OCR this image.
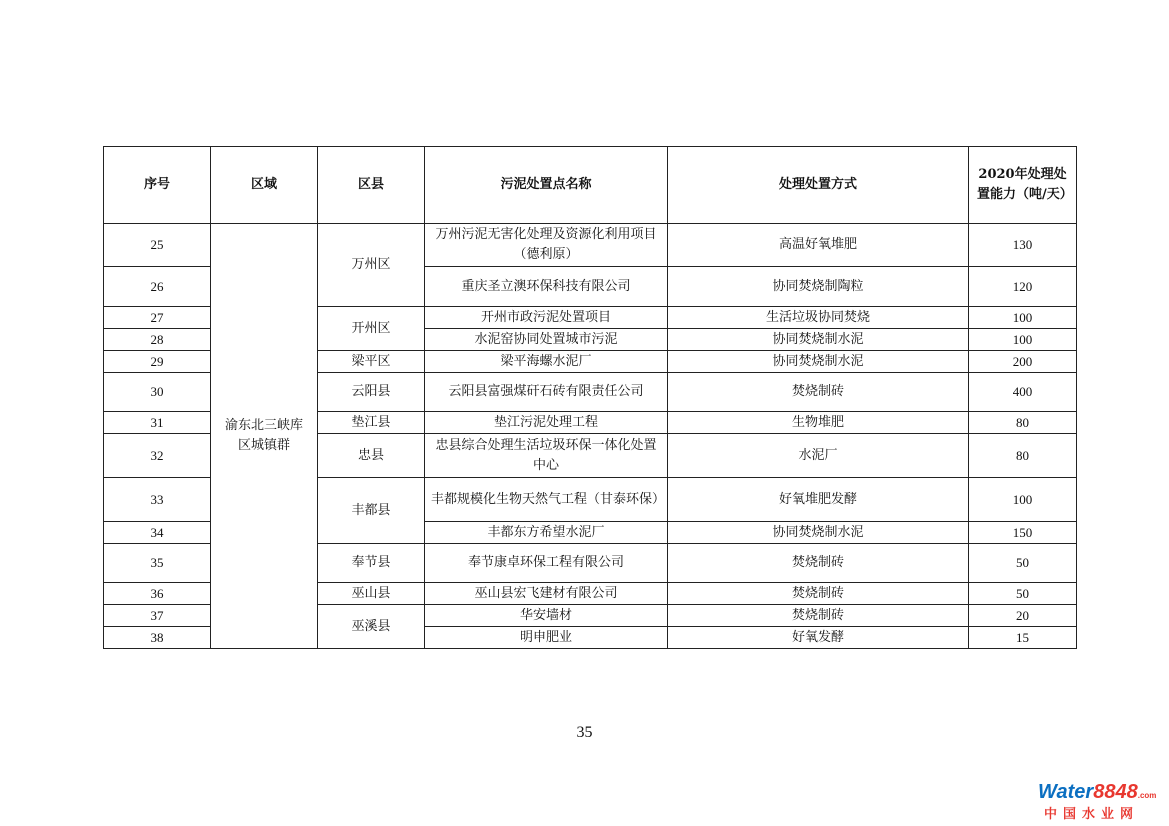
序号	区域	区县	污泥处置点名称	处理处置方式	2020年处理处置能力（吨/天）
25	渝东北三峡库区城镇群	万州区	万州污泥无害化处理及资源化利用项目（德利原）	高温好氧堆肥	130
26			重庆圣立澳环保科技有限公司	协同焚烧制陶粒	120
27		开州区	开州市政污泥处置项目	生活垃圾协同焚烧	100
28			水泥窑协同处置城市污泥	协同焚烧制水泥	100
29		梁平区	梁平海螺水泥厂	协同焚烧制水泥	200
30		云阳县	云阳县富强煤矸石砖有限责任公司	焚烧制砖	400
31		垫江县	垫江污泥处理工程	生物堆肥	80
32		忠县	忠县综合处理生活垃圾环保一体化处置中心	水泥厂	80
33		丰都县	丰都规模化生物天然气工程（甘泰环保）	好氧堆肥发酵	100
34			丰都东方希望水泥厂	协同焚烧制水泥	150
35		奉节县	奉节康卓环保工程有限公司	焚烧制砖	50
36		巫山县	巫山县宏飞建材有限公司	焚烧制砖	50
37		巫溪县	华安墙材	焚烧制砖	20
38			明申肥业	好氧发酵	15
35
Water8848.com
中国水业网
